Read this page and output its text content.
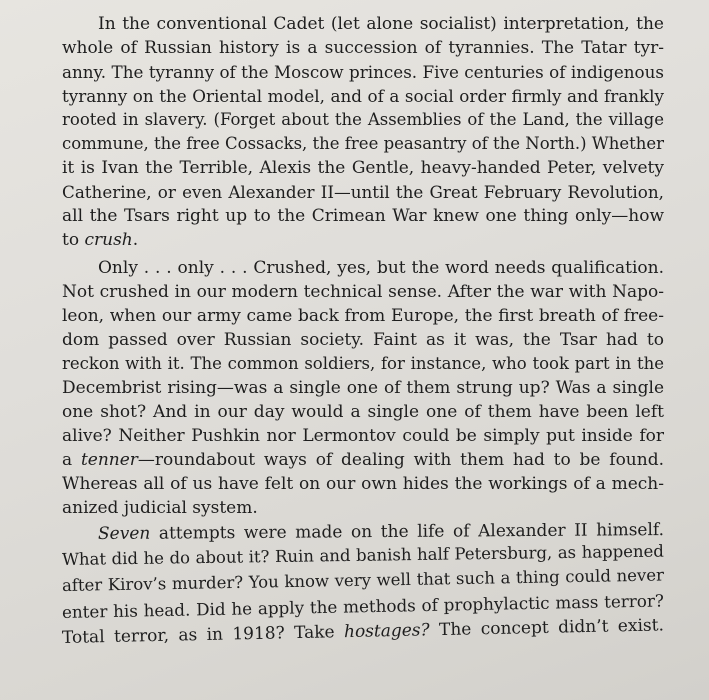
In the conventional Cadet (let alone socialist) interpretation, the
whole of Russian history is a succession of tyrannies. The Tatar tyr-
anny. The tyranny of the Moscow princes. Five centuries of indigenous
tyranny on the Oriental model, and of a social order firmly and frankly
rooted in slavery. (Forget about the Assemblies of the Land, the village
commune, the free Cossacks, the free peasantry of the North.) Whether
it is Ivan the Terrible, Alexis the Gentle, heavy-handed Peter, velvety
Catherine, or even Alexander II—until the Great February Revolution,
all the Tsars right up to the Crimean War knew one thing only—how
to crush.
Only . . . only . . . Crushed, yes, but the word needs qualification.
Not crushed in our modern technical sense. After the war with Napo-
leon, when our army came back from Europe, the first breath of free-
dom passed over Russian society. Faint as it was, the Tsar had to
reckon with it. The common soldiers, for instance, who took part in the
Decembrist rising—was a single one of them strung up? Was a single
one shot? And in our day would a single one of them have been left
alive? Neither Pushkin nor Lermontov could be simply put inside for
a tenner—roundabout ways of dealing with them had to be found.
Whereas all of us have felt on our own hides the workings of a mech-
anized judicial system.
Seven attempts were made on the life of Alexander II himself.
What did he do about it? Ruin and banish half Petersburg, as happened
after Kirov’s murder? You know very well that such a thing could never
enter his head. Did he apply the methods of prophylactic mass terror?
Total terror, as in 1918? Take hostages? The concept didn’t exist.
